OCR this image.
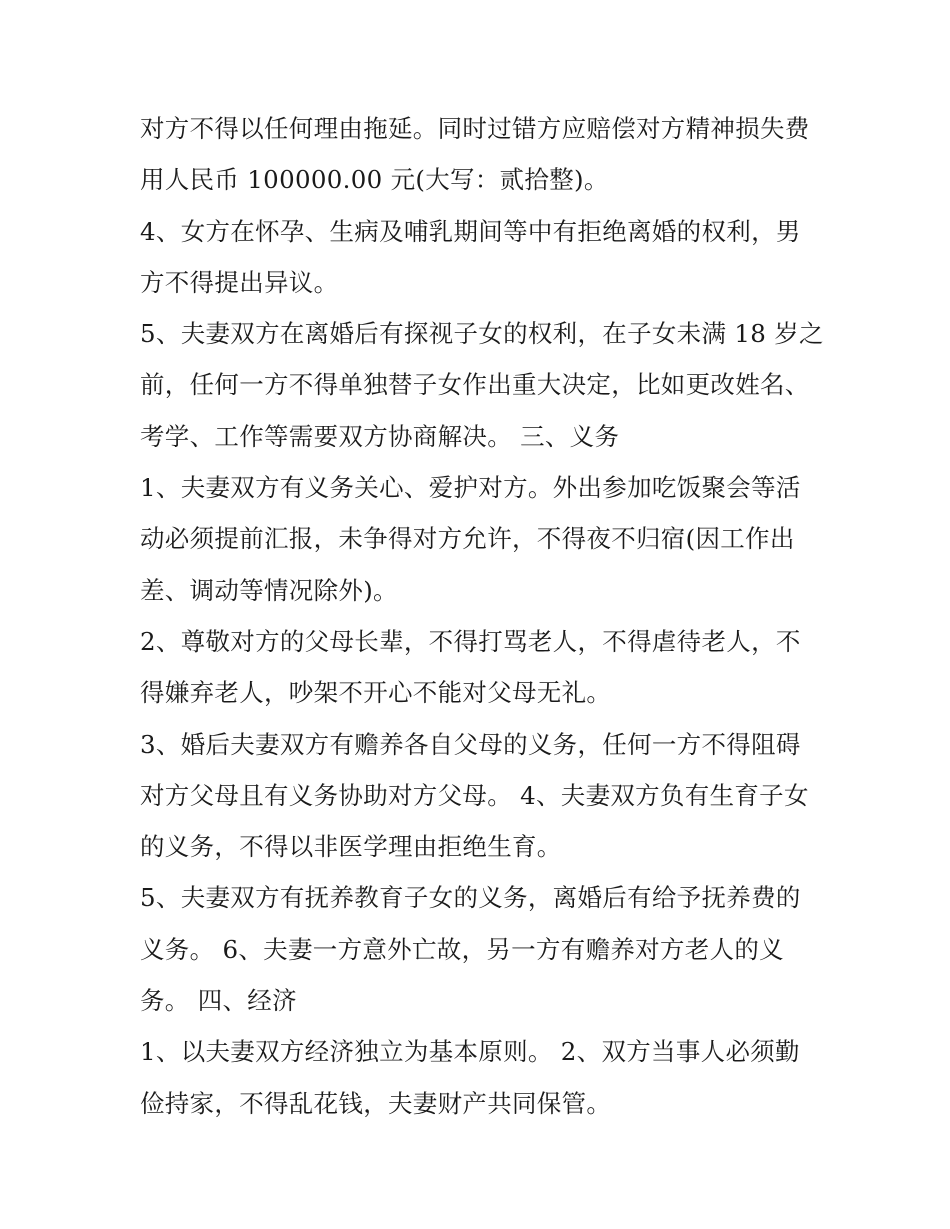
对方不得以任何理由拖延。同时过错方应赔偿对方精神损失费
用人民币 100000.00 元(大写：贰拾整)。
4、女方在怀孕、生病及哺乳期间等中有拒绝离婚的权利，男
方不得提出异议。
5、夫妻双方在离婚后有探视子女的权利，在子女未满 18 岁之
前，任何一方不得单独替子女作出重大决定，比如更改姓名、
考学、工作等需要双方协商解决。 三、义务
1、夫妻双方有义务关心、爱护对方。外出参加吃饭聚会等活
动必须提前汇报，未争得对方允许，不得夜不归宿(因工作出
差、调动等情况除外)。
2、尊敬对方的父母长辈，不得打骂老人，不得虐待老人，不
得嫌弃老人，吵架不开心不能对父母无礼。
3、婚后夫妻双方有赡养各自父母的义务，任何一方不得阻碍
对方父母且有义务协助对方父母。 4、夫妻双方负有生育子女
的义务，不得以非医学理由拒绝生育。
5、夫妻双方有抚养教育子女的义务，离婚后有给予抚养费的
义务。 6、夫妻一方意外亡故，另一方有赡养对方老人的义
务。 四、经济
1、以夫妻双方经济独立为基本原则。 2、双方当事人必须勤
俭持家，不得乱花钱，夫妻财产共同保管。
